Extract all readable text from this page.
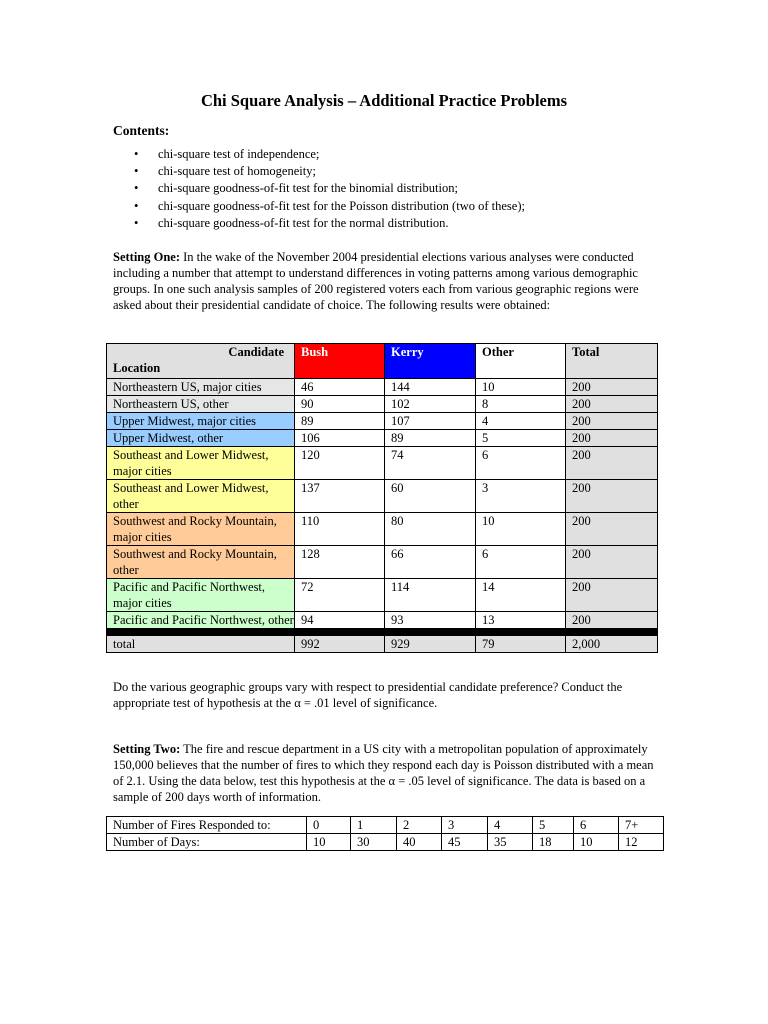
Chi Square Analysis – Additional Practice Problems
Contents:
• chi-square test of independence;
• chi-square test of homogeneity;
• chi-square goodness-of-fit test for the binomial distribution;
• chi-square goodness-of-fit test for the Poisson distribution (two of these);
• chi-square goodness-of-fit test for the normal distribution.
Setting One: In the wake of the November 2004 presidential elections various analyses were conducted including a number that attempt to understand differences in voting patterns among various demographic groups. In one such analysis samples of 200 registered voters each from various geographic regions were asked about their presidential candidate of choice. The following results were obtained:
Candidate
Location	Bush	Kerry	Other	Total
Northeastern US, major cities	46	144	10	200
Northeastern US, other	90	102	8	200
Upper Midwest, major cities	89	107	4	200
Upper Midwest, other	106	89	5	200
Southeast and Lower Midwest, major cities	120	74	6	200
Southeast and Lower Midwest, other	137	60	3	200
Southwest and Rocky Mountain, major cities	110	80	10	200
Southwest and Rocky Mountain, other	128	66	6	200
Pacific and Pacific Northwest, major cities	72	114	14	200
Pacific and Pacific Northwest, other	94	93	13	200

total	992	929	79	2,000
Do the various geographic groups vary with respect to presidential candidate preference? Conduct the appropriate test of hypothesis at the α = .01 level of significance.
Setting Two: The fire and rescue department in a US city with a metropolitan population of approximately 150,000 believes that the number of fires to which they respond each day is Poisson distributed with a mean of 2.1. Using the data below, test this hypothesis at the α = .05 level of significance. The data is based on a sample of 200 days worth of information.
Number of Fires Responded to:	0	1	2	3	4	5	6	7+
Number of Days:	10	30	40	45	35	18	10	12
